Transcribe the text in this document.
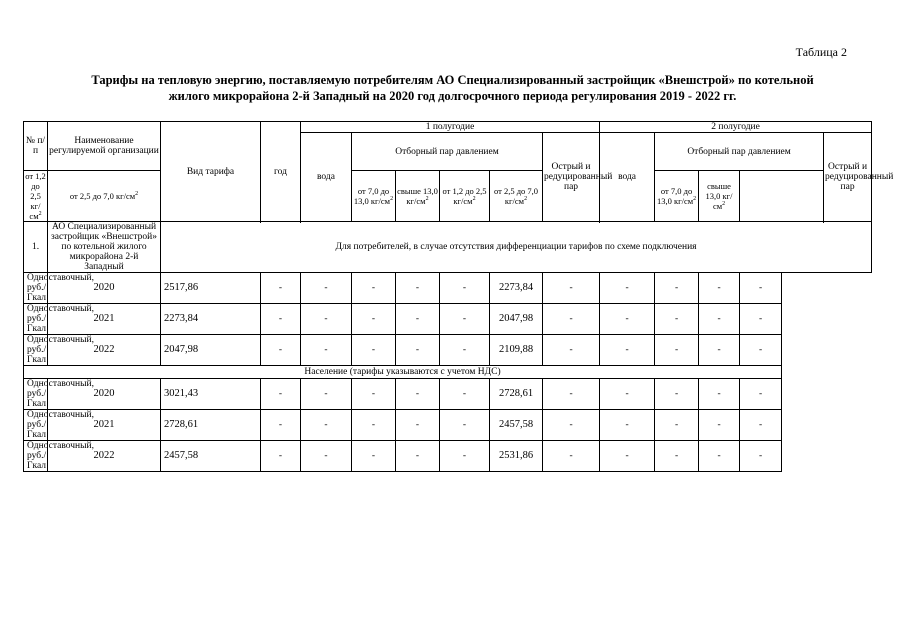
Таблица 2
Тарифы на тепловую энергию, поставляемую потребителям АО Специализированный застройщик «Внешстрой» по котельной
жилого микрорайона 2-й Западный на 2020 год долгосрочного периода регулирования 2019 - 2022 гг.
№ п/п	Наименование регулируемой организации	Вид тарифа	год	1 полугодие						2 полугодие				
				вода	Отборный пар давлением				Острый и редуцированный пар	вода	Отборный пар давлением			Острый и редуцированный пар
от 1,2 до 2,5 $кг/см^2$	от 2,5 до 7,0 $кг/см^2$				от 7,0 до 13,0 $кг/см^2$	свыше 13,0 $кг/см^2$	от 1,2 до 2,5 $кг/см^2$	от 2,5 до 7,0 $кг/см^2$			от 7,0 до 13,0 $кг/см^2$	свыше 13,0 $кг/см^2$
1.	АО Специализированный застройщик «Внешстрой» по котельной жилого микрорайона 2-й Западный													
		Для потребителей, в случае отсутствия дифференциации тарифов по схеме подключения												
Одноставочный, руб./Гкал	2020	2517,86	-	-	-	-	-	2273,84	-	-	-	-	-	
Одноставочный, руб./Гкал	2021	2273,84	-	-	-	-	-	2047,98	-	-	-	-	-	
Одноставочный, руб./Гкал	2022	2047,98	-	-	-	-	-	2109,88	-	-	-	-	-	
Население (тарифы указываются с учетом НДС)														
Одноставочный, руб./Гкал	2020	3021,43	-	-	-	-	-	2728,61	-	-	-	-	-	
Одноставочный, руб./Гкал	2021	2728,61	-	-	-	-	-	2457,58	-	-	-	-	-	
Одноставочный, руб./Гкал	2022	2457,58	-	-	-	-	-	2531,86	-	-	-	-	-	
